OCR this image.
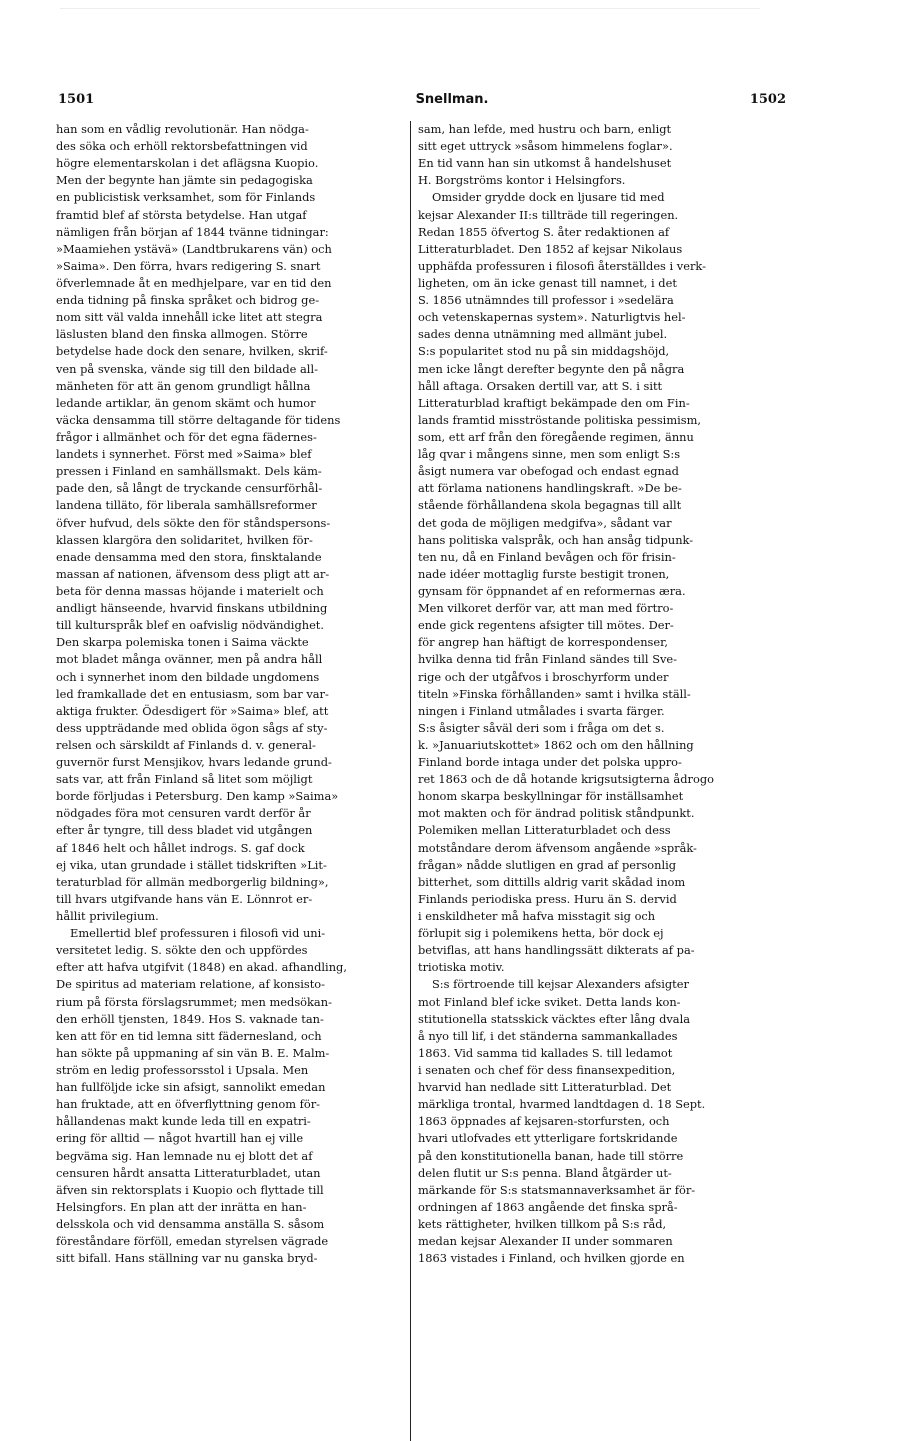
1501	Snellman.	1502
han som en vådlig revolutionär. Han nödga-
des söka och erhöll rektorsbefattningen vid
högre elementarskolan i det aflägsna Kuopio.
Men der begynte han jämte sin pedagogiska
en publicistisk verksamhet, som för Finlands
framtid blef af största betydelse. Han utgaf
nämligen från början af 1844 tvänne tidningar:
»Maamiehen ystävä» (Landtbrukarens vän) och
»Saima». Den förra, hvars redigering S. snart
öfverlemnade åt en medhjelpare, var en tid den
enda tidning på finska språket och bidrog ge-
nom sitt väl valda innehåll icke litet att stegra
läslusten bland den finska allmogen. Större
betydelse hade dock den senare, hvilken, skrif-
ven på svenska, vände sig till den bildade all-
mänheten för att än genom grundligt hållna
ledande artiklar, än genom skämt och humor
väcka densamma till större deltagande för tidens
frågor i allmänhet och för det egna fädernes-
landets i synnerhet. Först med »Saima» blef
pressen i Finland en samhällsmakt. Dels käm-
pade den, så långt de tryckande censurförhål-
landena tilläto, för liberala samhällsreformer
öfver hufvud, dels sökte den för ståndspersons-
klassen klargöra den solidaritet, hvilken för-
enade densamma med den stora, finsktalande
massan af nationen, äfvensom dess pligt att ar-
beta för denna massas höjande i materielt och
andligt hänseende, hvarvid finskans utbildning
till kulturspråk blef en oafvislig nödvändighet.
Den skarpa polemiska tonen i Saima väckte
mot bladet många ovänner, men på andra håll
och i synnerhet inom den bildade ungdomens
led framkallade det en entusiasm, som bar var-
aktiga frukter. Ödesdigert för »Saima» blef, att
dess uppträdande med oblida ögon sågs af sty-
relsen och särskildt af Finlands d. v. general-
guvernör furst Mensjikov, hvars ledande grund-
sats var, att från Finland så litet som möjligt
borde förljudas i Petersburg. Den kamp »Saima»
nödgades föra mot censuren vardt derför år
efter år tyngre, till dess bladet vid utgången
af 1846 helt och hållet indrogs. S. gaf dock
ej vika, utan grundade i stället tidskriften »Lit-
teraturblad för allmän medborgerlig bildning»,
till hvars utgifvande hans vän E. Lönnrot er-
hållit privilegium.
Emellertid blef professuren i filosofi vid uni-
versitetet ledig. S. sökte den och uppfördes
efter att hafva utgifvit (1848) en akad. afhandling,
De spiritus ad materiam relatione, af konsisto-
rium på första förslagsrummet; men medsökan-
den erhöll tjensten, 1849. Hos S. vaknade tan-
ken att för en tid lemna sitt fädernesland, och
han sökte på uppmaning af sin vän B. E. Malm-
ström en ledig professorsstol i Upsala. Men
han fullföljde icke sin afsigt, sannolikt emedan
han fruktade, att en öfverflyttning genom för-
hållandenas makt kunde leda till en expatri-
ering för alltid — något hvartill han ej ville
begväma sig. Han lemnade nu ej blott det af
censuren hårdt ansatta Litteraturbladet, utan
äfven sin rektorsplats i Kuopio och flyttade till
Helsingfors. En plan att der inrätta en han-
delsskola och vid densamma anställa S. såsom
föreståndare förföll, emedan styrelsen vägrade
sitt bifall. Hans ställning var nu ganska bryd-
sam, han lefde, med hustru och barn, enligt
sitt eget uttryck »såsom himmelens foglar».
En tid vann han sin utkomst å handelshuset
H. Borgströms kontor i Helsingfors.
Omsider grydde dock en ljusare tid med
kejsar Alexander II:s tillträde till regeringen.
Redan 1855 öfvertog S. åter redaktionen af
Litteraturbladet. Den 1852 af kejsar Nikolaus
upphäfda professuren i filosofi återställdes i verk-
ligheten, om än icke genast till namnet, i det
S. 1856 utnämndes till professor i »sedelära
och vetenskapernas system». Naturligtvis hel-
sades denna utnämning med allmänt jubel.
S:s popularitet stod nu på sin middagshöjd,
men icke långt derefter begynte den på några
håll aftaga. Orsaken dertill var, att S. i sitt
Litteraturblad kraftigt bekämpade den om Fin-
lands framtid misströstande politiska pessimism,
som, ett arf från den föregående regimen, ännu
låg qvar i mångens sinne, men som enligt S:s
åsigt numera var obefogad och endast egnad
att förlama nationens handlingskraft. »De be-
stående förhållandena skola begagnas till allt
det goda de möjligen medgifva», sådant var
hans politiska valspråk, och han ansåg tidpunk-
ten nu, då en Finland bevågen och för frisin-
nade idéer mottaglig furste bestigit tronen,
gynsam för öppnandet af en reformernas æra.
Men vilkoret derför var, att man med förtro-
ende gick regentens afsigter till mötes. Der-
för angrep han häftigt de korrespondenser,
hvilka denna tid från Finland sändes till Sve-
rige och der utgåfvos i broschyrform under
titeln »Finska förhållanden» samt i hvilka ställ-
ningen i Finland utmålades i svarta färger.
S:s åsigter såväl deri som i fråga om det s.
k. »Januariutskottet» 1862 och om den hållning
Finland borde intaga under det polska uppro-
ret 1863 och de då hotande krigsutsigterna ådrogo
honom skarpa beskyllningar för inställsamhet
mot makten och för ändrad politisk ståndpunkt.
Polemiken mellan Litteraturbladet och dess
motståndare derom äfvensom angående »språk-
frågan» nådde slutligen en grad af personlig
bitterhet, som dittills aldrig varit skådad inom
Finlands periodiska press. Huru än S. dervid
i enskildheter må hafva misstagit sig och
förlupit sig i polemikens hetta, bör dock ej
betviflas, att hans handlingssätt dikterats af pa-
triotiska motiv.
S:s förtroende till kejsar Alexanders afsigter
mot Finland blef icke sviket. Detta lands kon-
stitutionella statsskick väcktes efter lång dvala
å nyo till lif, i det ständerna sammankallades
1863. Vid samma tid kallades S. till ledamot
i senaten och chef för dess finansexpedition,
hvarvid han nedlade sitt Litteraturblad. Det
märkliga trontal, hvarmed landtdagen d. 18 Sept.
1863 öppnades af kejsaren-storfursten, och
hvari utlofvades ett ytterligare fortskridande
på den konstitutionella banan, hade till större
delen flutit ur S:s penna. Bland åtgärder ut-
märkande för S:s statsmannaverksamhet är för-
ordningen af 1863 angående det finska språ-
kets rättigheter, hvilken tillkom på S:s råd,
medan kejsar Alexander II under sommaren
1863 vistades i Finland, och hvilken gjorde en
